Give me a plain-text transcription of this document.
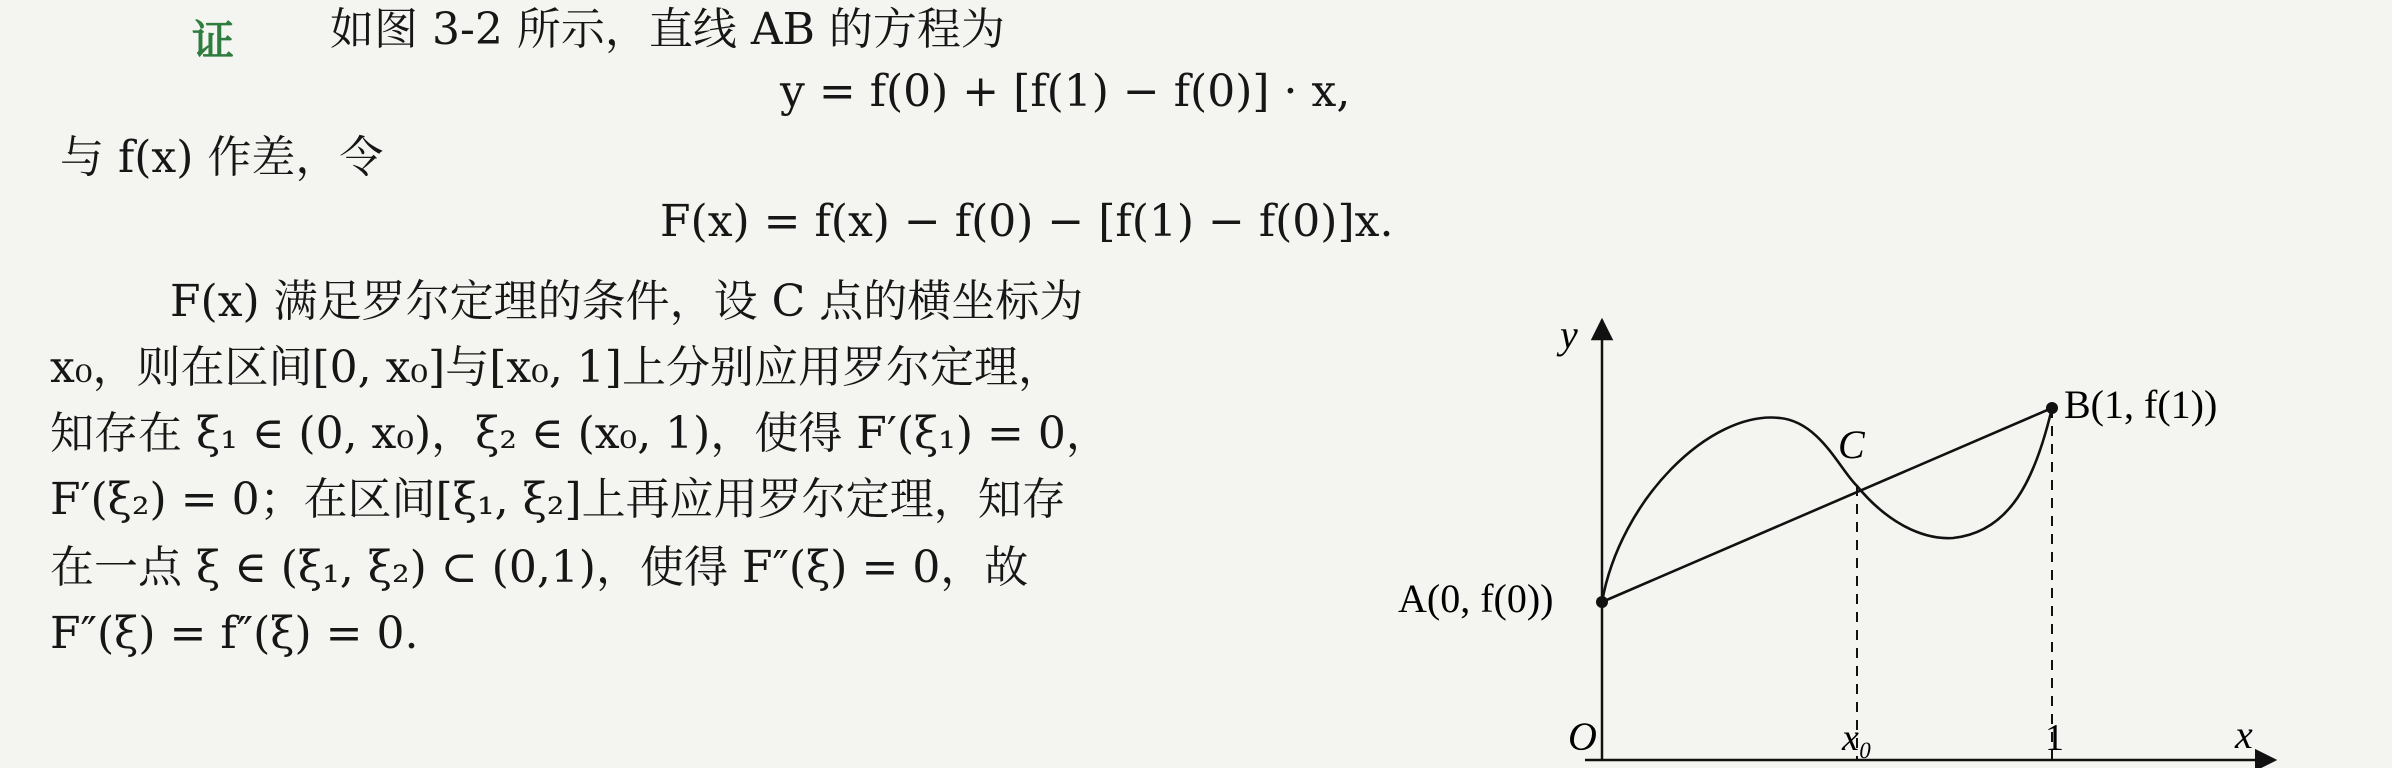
证 如图 3-2 所示，直线 AB 的方程为
y = f(0) + [f(1) − f(0)] · x,
与 f(x) 作差，令
F(x) = f(x) − f(0) − [f(1) − f(0)]x.
F(x) 满足罗尔定理的条件，设 C 点的横坐标为
x₀，则在区间[0, x₀]与[x₀, 1]上分别应用罗尔定理，
知存在 ξ₁ ∈ (0, x₀)，ξ₂ ∈ (x₀, 1)，使得 F′(ξ₁) = 0，
F′(ξ₂) = 0；在区间[ξ₁, ξ₂]上再应用罗尔定理，知存
在一点 ξ ∈ (ξ₁, ξ₂) ⊂ (0,1)，使得 F″(ξ) = 0，故
F″(ξ) = f″(ξ) = 0.
y
x
O
A(0, f(0))
B(1, f(1))
C
x₀	1
